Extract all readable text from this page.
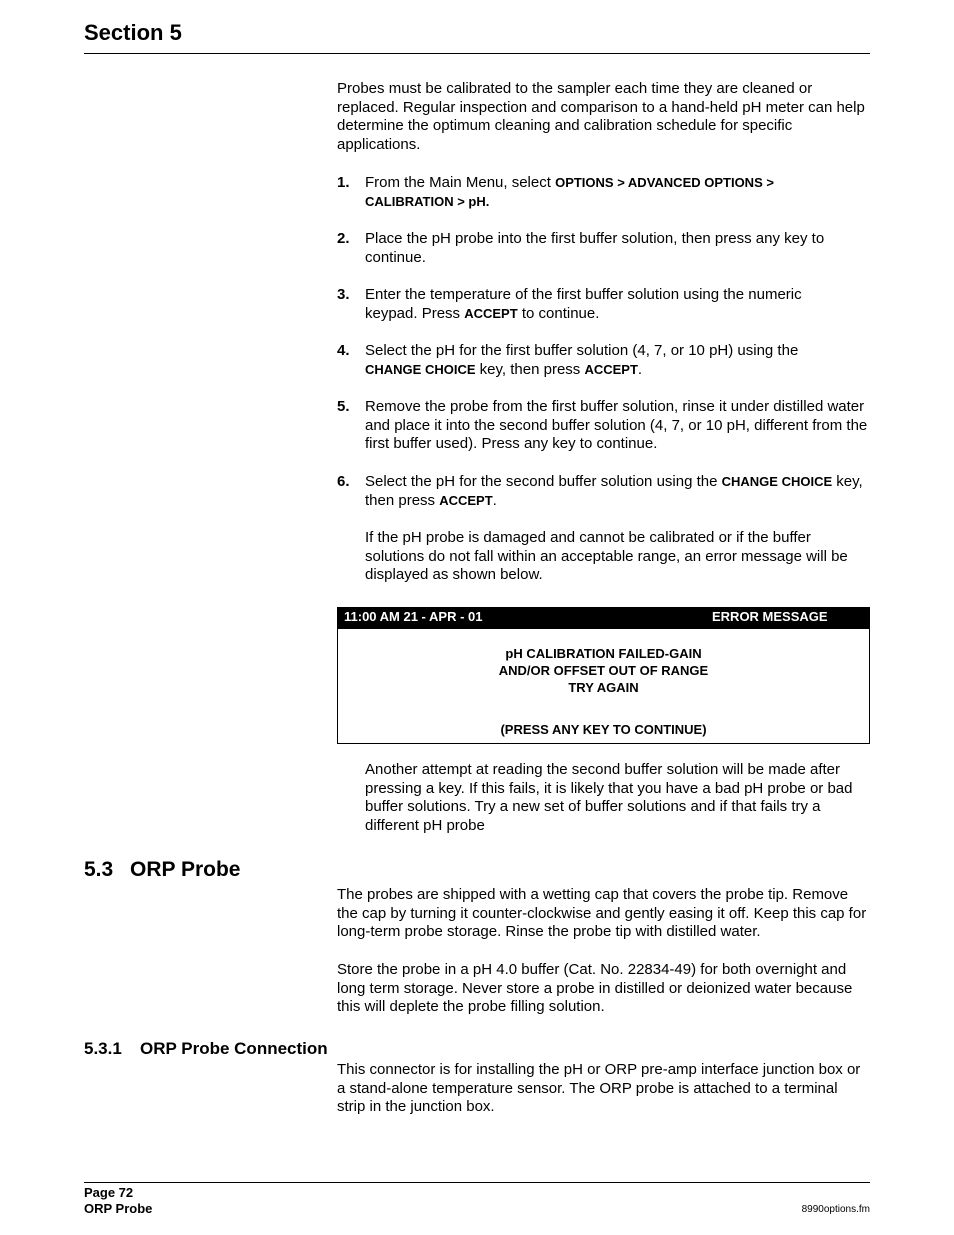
Section 5
Probes must be calibrated to the sampler each time they are cleaned or replaced. Regular inspection and comparison to a hand-held pH meter can help determine the optimum cleaning and calibration schedule for specific applications.
1.	From the Main Menu, select OPTIONS > ADVANCED OPTIONS > CALIBRATION > pH.
2.	Place the pH probe into the first buffer solution, then press any key to continue.
3.	Enter the temperature of the first buffer solution using the numeric keypad. Press ACCEPT to continue.
4.	Select the pH for the first buffer solution (4, 7, or 10 pH) using the CHANGE CHOICE key, then press ACCEPT.
5.	Remove the probe from the first buffer solution, rinse it under distilled water and place it into the second buffer solution (4, 7, or 10 pH, different from the first buffer used). Press any key to continue.
6.	Select the pH for the second buffer solution using the CHANGE CHOICE key, then press ACCEPT.
If the pH probe is damaged and cannot be calibrated or if the buffer solutions do not fall within an acceptable range, an error message will be displayed as shown below.
11:00 AM 21 - APR - 01	ERROR MESSAGE
pH CALIBRATION FAILED-GAIN
AND/OR OFFSET OUT OF RANGE
TRY AGAIN
(PRESS ANY KEY TO CONTINUE)
Another attempt at reading the second buffer solution will be made after pressing a key. If this fails, it is likely that you have a bad pH probe or bad buffer solutions. Try a new set of buffer solutions and if that fails try a different pH probe
5.3 ORP Probe
The probes are shipped with a wetting cap that covers the probe tip. Remove the cap by turning it counter-clockwise and gently easing it off. Keep this cap for long-term probe storage. Rinse the probe tip with distilled water.
Store the probe in a pH 4.0 buffer (Cat. No. 22834-49) for both overnight and long term storage. Never store a probe in distilled or deionized water because this will deplete the probe filling solution.
5.3.1 ORP Probe Connection
This connector is for installing the pH or ORP pre-amp interface junction box or a stand-alone temperature sensor. The ORP probe is attached to a terminal strip in the junction box.
Page 72
ORP Probe	8990options.fm
